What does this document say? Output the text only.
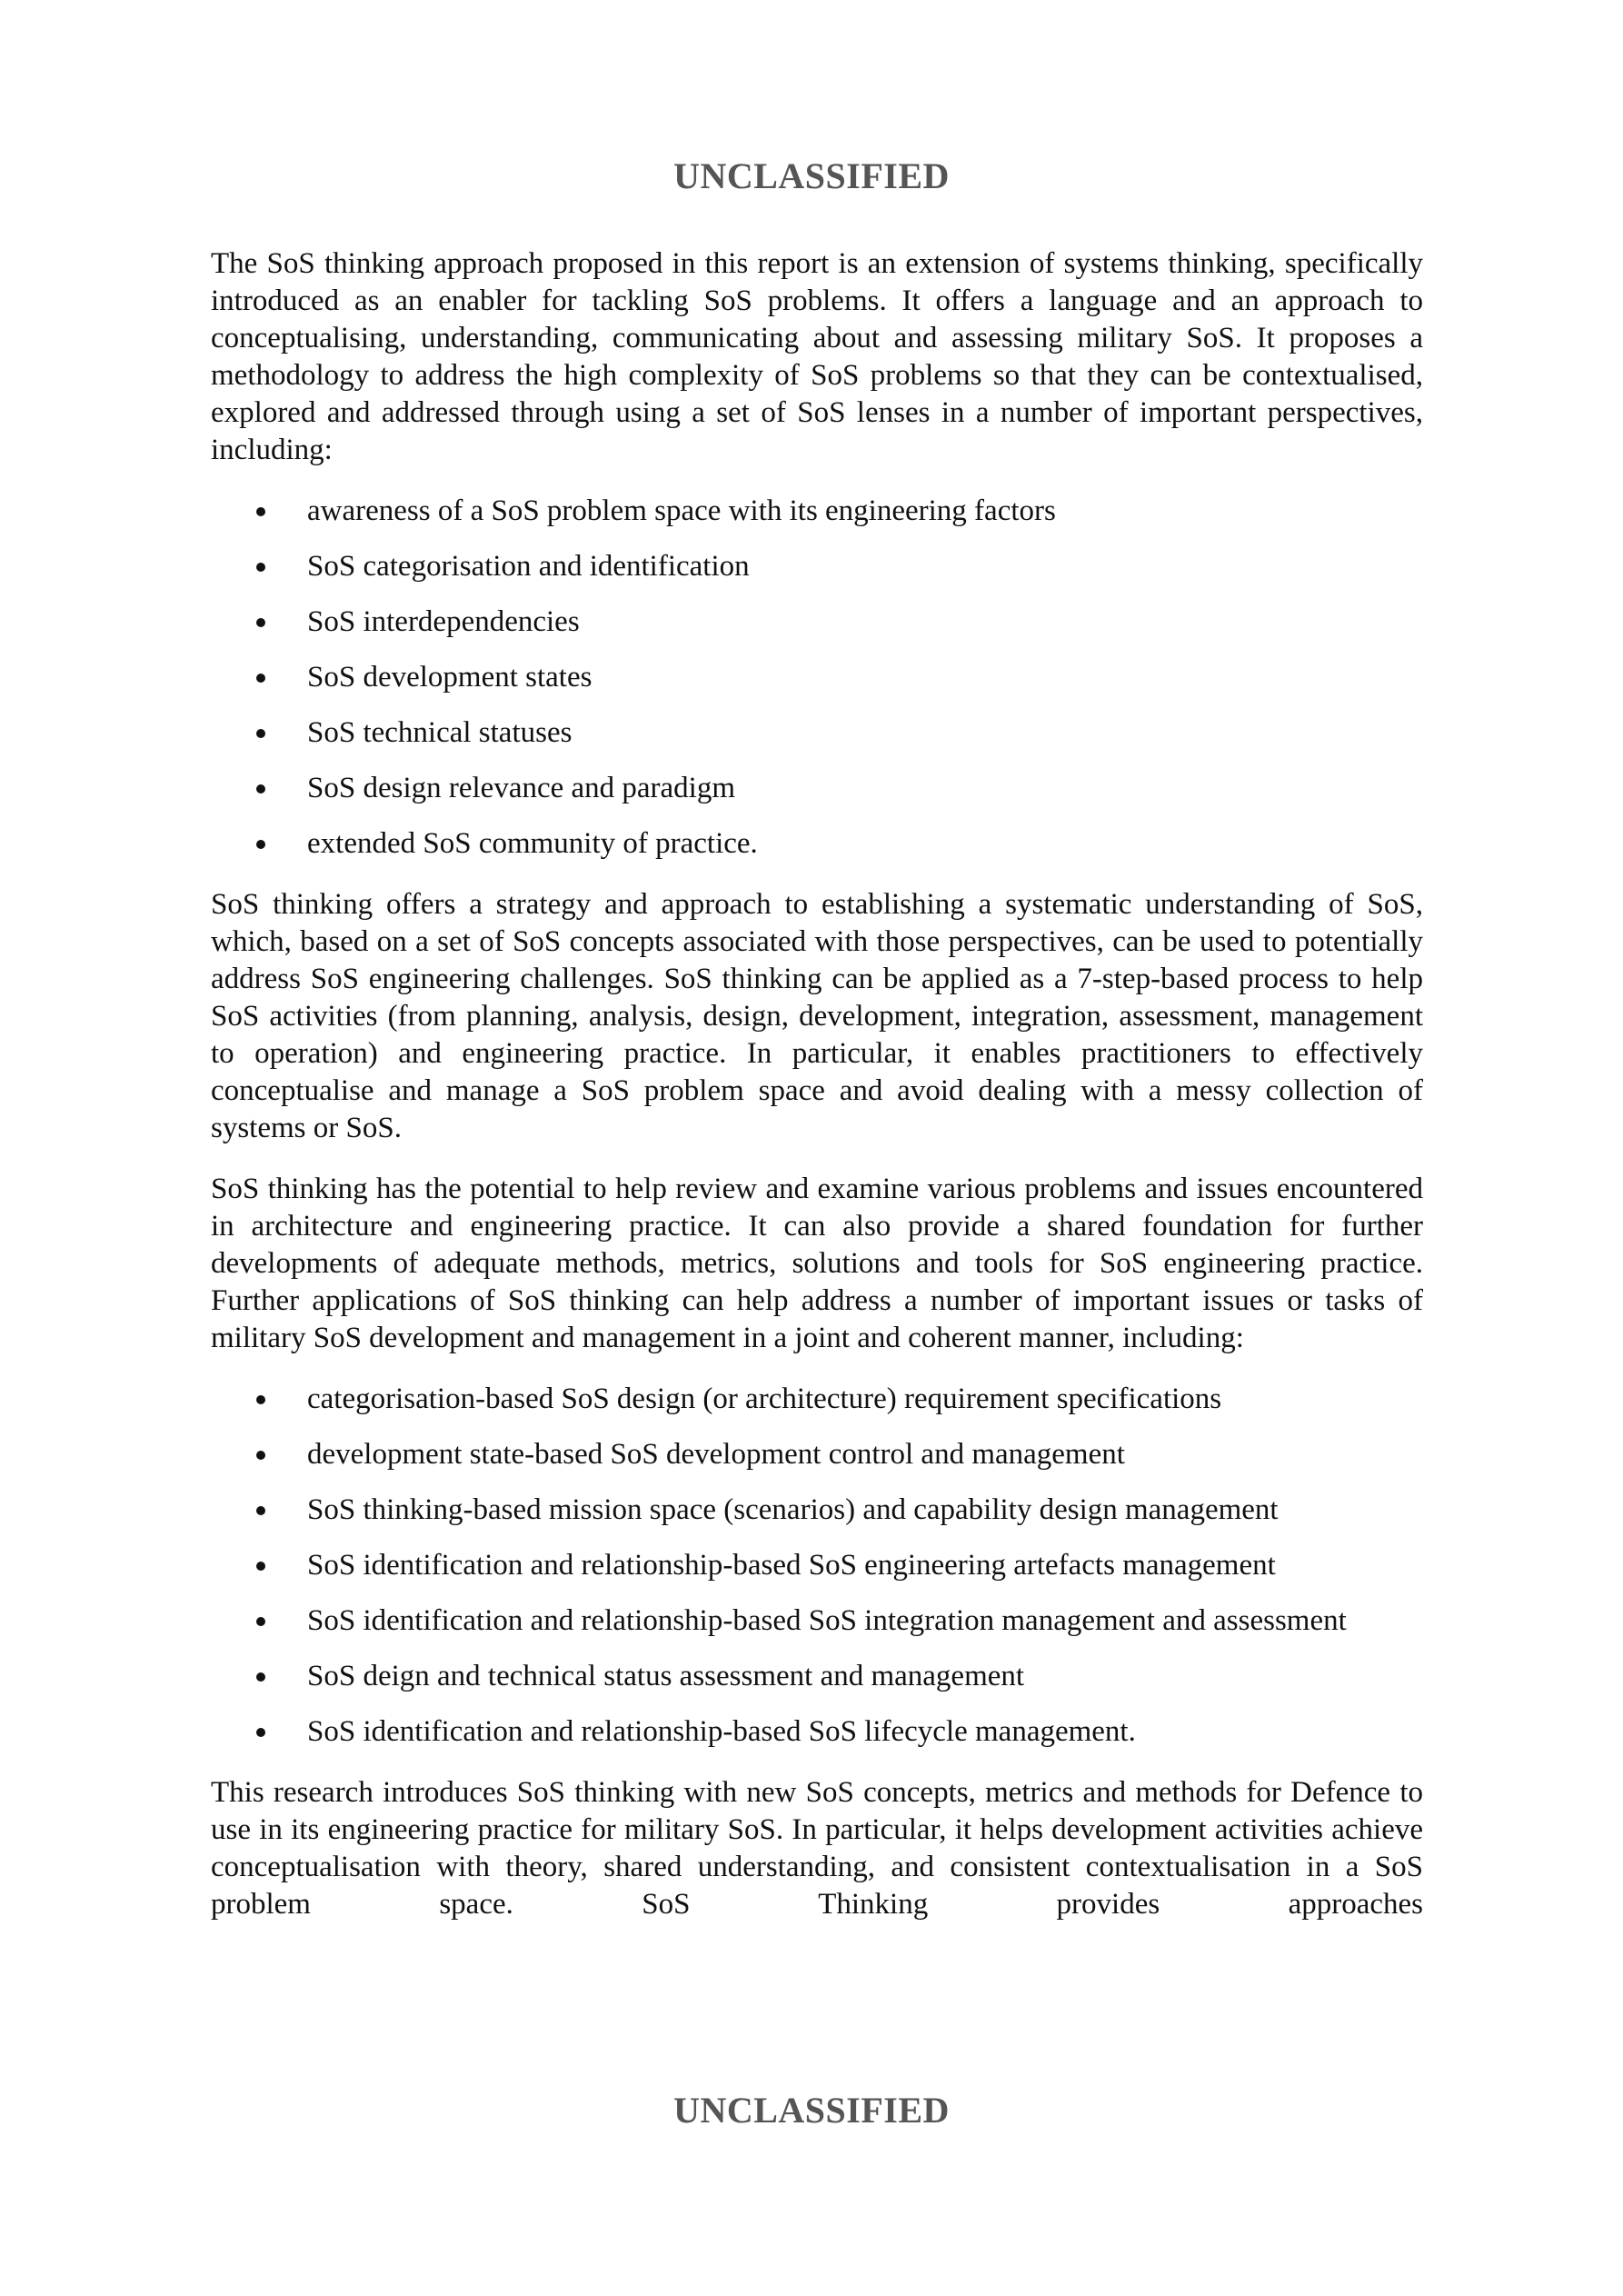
UNCLASSIFIED

The SoS thinking approach proposed in this report is an extension of systems thinking, specifically introduced as an enabler for tackling SoS problems. It offers a language and an approach to conceptualising, understanding, communicating about and assessing military SoS. It proposes a methodology to address the high complexity of SoS problems so that they can be contextualised, explored and addressed through using a set of SoS lenses in a number of important perspectives, including:

awareness of a SoS problem space with its engineering factors
SoS categorisation and identification
SoS interdependencies
SoS development states
SoS technical statuses
SoS design relevance and paradigm
extended SoS community of practice.

SoS thinking offers a strategy and approach to establishing a systematic understanding of SoS, which, based on a set of SoS concepts associated with those perspectives, can be used to potentially address SoS engineering challenges. SoS thinking can be applied as a 7-step-based process to help SoS activities (from planning, analysis, design, development, integration, assessment, management to operation) and engineering practice. In particular, it enables practitioners to effectively conceptualise and manage a SoS problem space and avoid dealing with a messy collection of systems or SoS.

SoS thinking has the potential to help review and examine various problems and issues encountered in architecture and engineering practice. It can also provide a shared foundation for further developments of adequate methods, metrics, solutions and tools for SoS engineering practice. Further applications of SoS thinking can help address a number of important issues or tasks of military SoS development and management in a joint and coherent manner, including:

categorisation-based SoS design (or architecture) requirement specifications
development state-based SoS development control and management
SoS thinking-based mission space (scenarios) and capability design management
SoS identification and relationship-based SoS engineering artefacts management
SoS identification and relationship-based SoS integration management and assessment
SoS deign and technical status assessment and management
SoS identification and relationship-based SoS lifecycle management.

This research introduces SoS thinking with new SoS concepts, metrics and methods for Defence to use in its engineering practice for military SoS. In particular, it helps development activities achieve conceptualisation with theory, shared understanding, and consistent contextualisation in a SoS problem space. SoS Thinking provides approaches

UNCLASSIFIED
